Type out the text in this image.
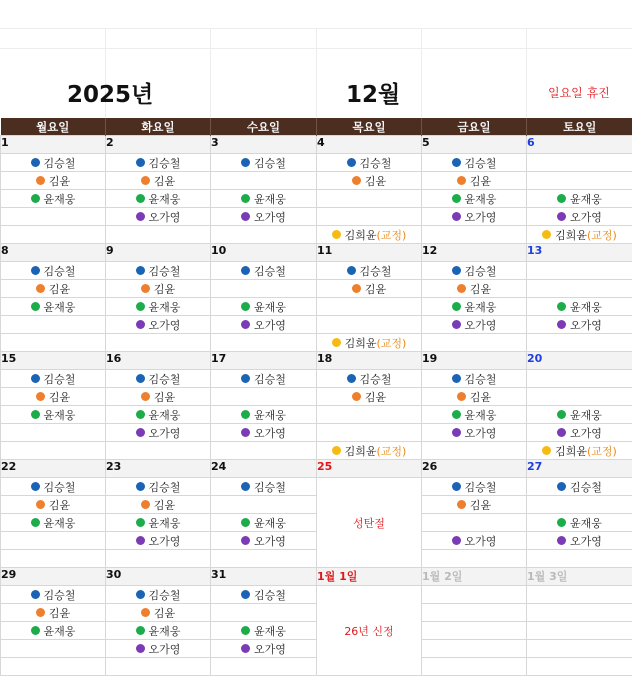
2025년	12월	일요일 휴진
월요일	화요일	수요일	목요일	금요일	토요일
1	2	3	4	5	6

김승철	김승철	김승철	김승철	김승철	

김윤	김윤		김윤	김윤	

윤재웅	윤재웅	윤재웅		윤재웅	윤재웅

	오가영	오가영		오가영	오가영

			김희윤 (교정)		김희윤 (교정)

8	9	10	11	12	13

김승철	김승철	김승철	김승철	김승철	

김윤	김윤		김윤	김윤	

윤재웅	윤재웅	윤재웅		윤재웅	윤재웅

	오가영	오가영		오가영	오가영

			김희윤 (교정)		

15	16	17	18	19	20

김승철	김승철	김승철	김승철	김승철	

김윤	김윤		김윤	김윤	

윤재웅	윤재웅	윤재웅		윤재웅	윤재웅

	오가영	오가영		오가영	오가영

			김희윤 (교정)		김희윤 (교정)

22	23	24	25	26	27

김승철	김승철	김승철	성탄절	김승철	김승철

김윤	김윤			김윤	

윤재웅	윤재웅	윤재웅			윤재웅

	오가영	오가영		오가영	오가영

29	30	31	1월 1일	1월 2일	1월 3일

김승철	김승철	김승철	26년 신정		

김윤	김윤				

윤재웅	윤재웅	윤재웅			

	오가영	오가영			
